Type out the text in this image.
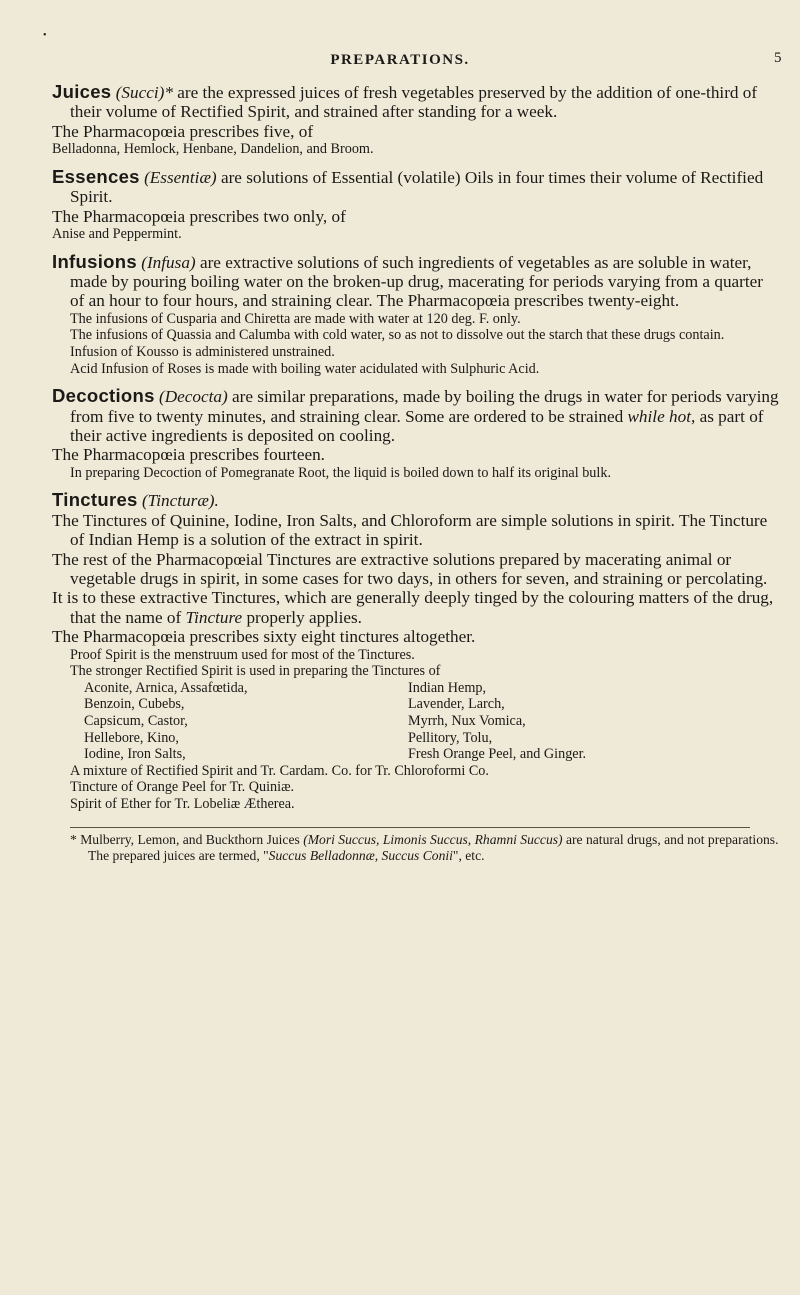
•
PREPARATIONS.	5

Juices (Succi)* are the expressed juices of fresh vegetables preserved by the addition of one-third of their volume of Rectified Spirit, and strained after standing for a week.

The Pharmacopœia prescribes five, of

Belladonna, Hemlock, Henbane, Dandelion, and Broom.

Essences (Essentiæ) are solutions of Essential (volatile) Oils in four times their volume of Rectified Spirit.

The Pharmacopœia prescribes two only, of

Anise and Peppermint.

Infusions (Infusa) are extractive solutions of such ingredients of vegetables as are soluble in water, made by pouring boiling water on the broken-up drug, macerating for periods varying from a quarter of an hour to four hours, and straining clear. The Pharmacopœia prescribes twenty-eight.

The infusions of Cusparia and Chiretta are made with water at 120 deg. F. only.

The infusions of Quassia and Calumba with cold water, so as not to dissolve out the starch that these drugs contain.

Infusion of Kousso is administered unstrained.

Acid Infusion of Roses is made with boiling water acidulated with Sulphuric Acid.

Decoctions (Decocta) are similar preparations, made by boiling the drugs in water for periods varying from five to twenty minutes, and straining clear. Some are ordered to be strained while hot, as part of their active ingredients is deposited on cooling.

The Pharmacopœia prescribes fourteen.

In preparing Decoction of Pomegranate Root, the liquid is boiled down to half its original bulk.

Tinctures (Tincturæ).

The Tinctures of Quinine, Iodine, Iron Salts, and Chloroform are simple solutions in spirit. The Tincture of Indian Hemp is a solution of the extract in spirit.

The rest of the Pharmacopœial Tinctures are extractive solutions prepared by macerating animal or vegetable drugs in spirit, in some cases for two days, in others for seven, and straining or percolating.

It is to these extractive Tinctures, which are generally deeply tinged by the colouring matters of the drug, that the name of Tincture properly applies.

The Pharmacopœia prescribes sixty eight tinctures altogether.

Proof Spirit is the menstruum used for most of the Tinctures.

The stronger Rectified Spirit is used in preparing the Tinctures of

Aconite, Arnica, Assafœtida,
Benzoin, Cubebs,
Capsicum, Castor,
Hellebore, Kino,
Iodine, Iron Salts,
Indian Hemp,
Lavender, Larch,
Myrrh, Nux Vomica,
Pellitory, Tolu,
Fresh Orange Peel, and Ginger.

A mixture of Rectified Spirit and Tr. Cardam. Co. for Tr. Chloroformi Co.

Tincture of Orange Peel for Tr. Quiniæ.

Spirit of Ether for Tr. Lobeliæ Ætherea.

* Mulberry, Lemon, and Buckthorn Juices (Mori Succus, Limonis Succus, Rhamni Succus) are natural drugs, and not preparations. The prepared juices are termed, "Succus Belladonnæ, Succus Conii", etc.
